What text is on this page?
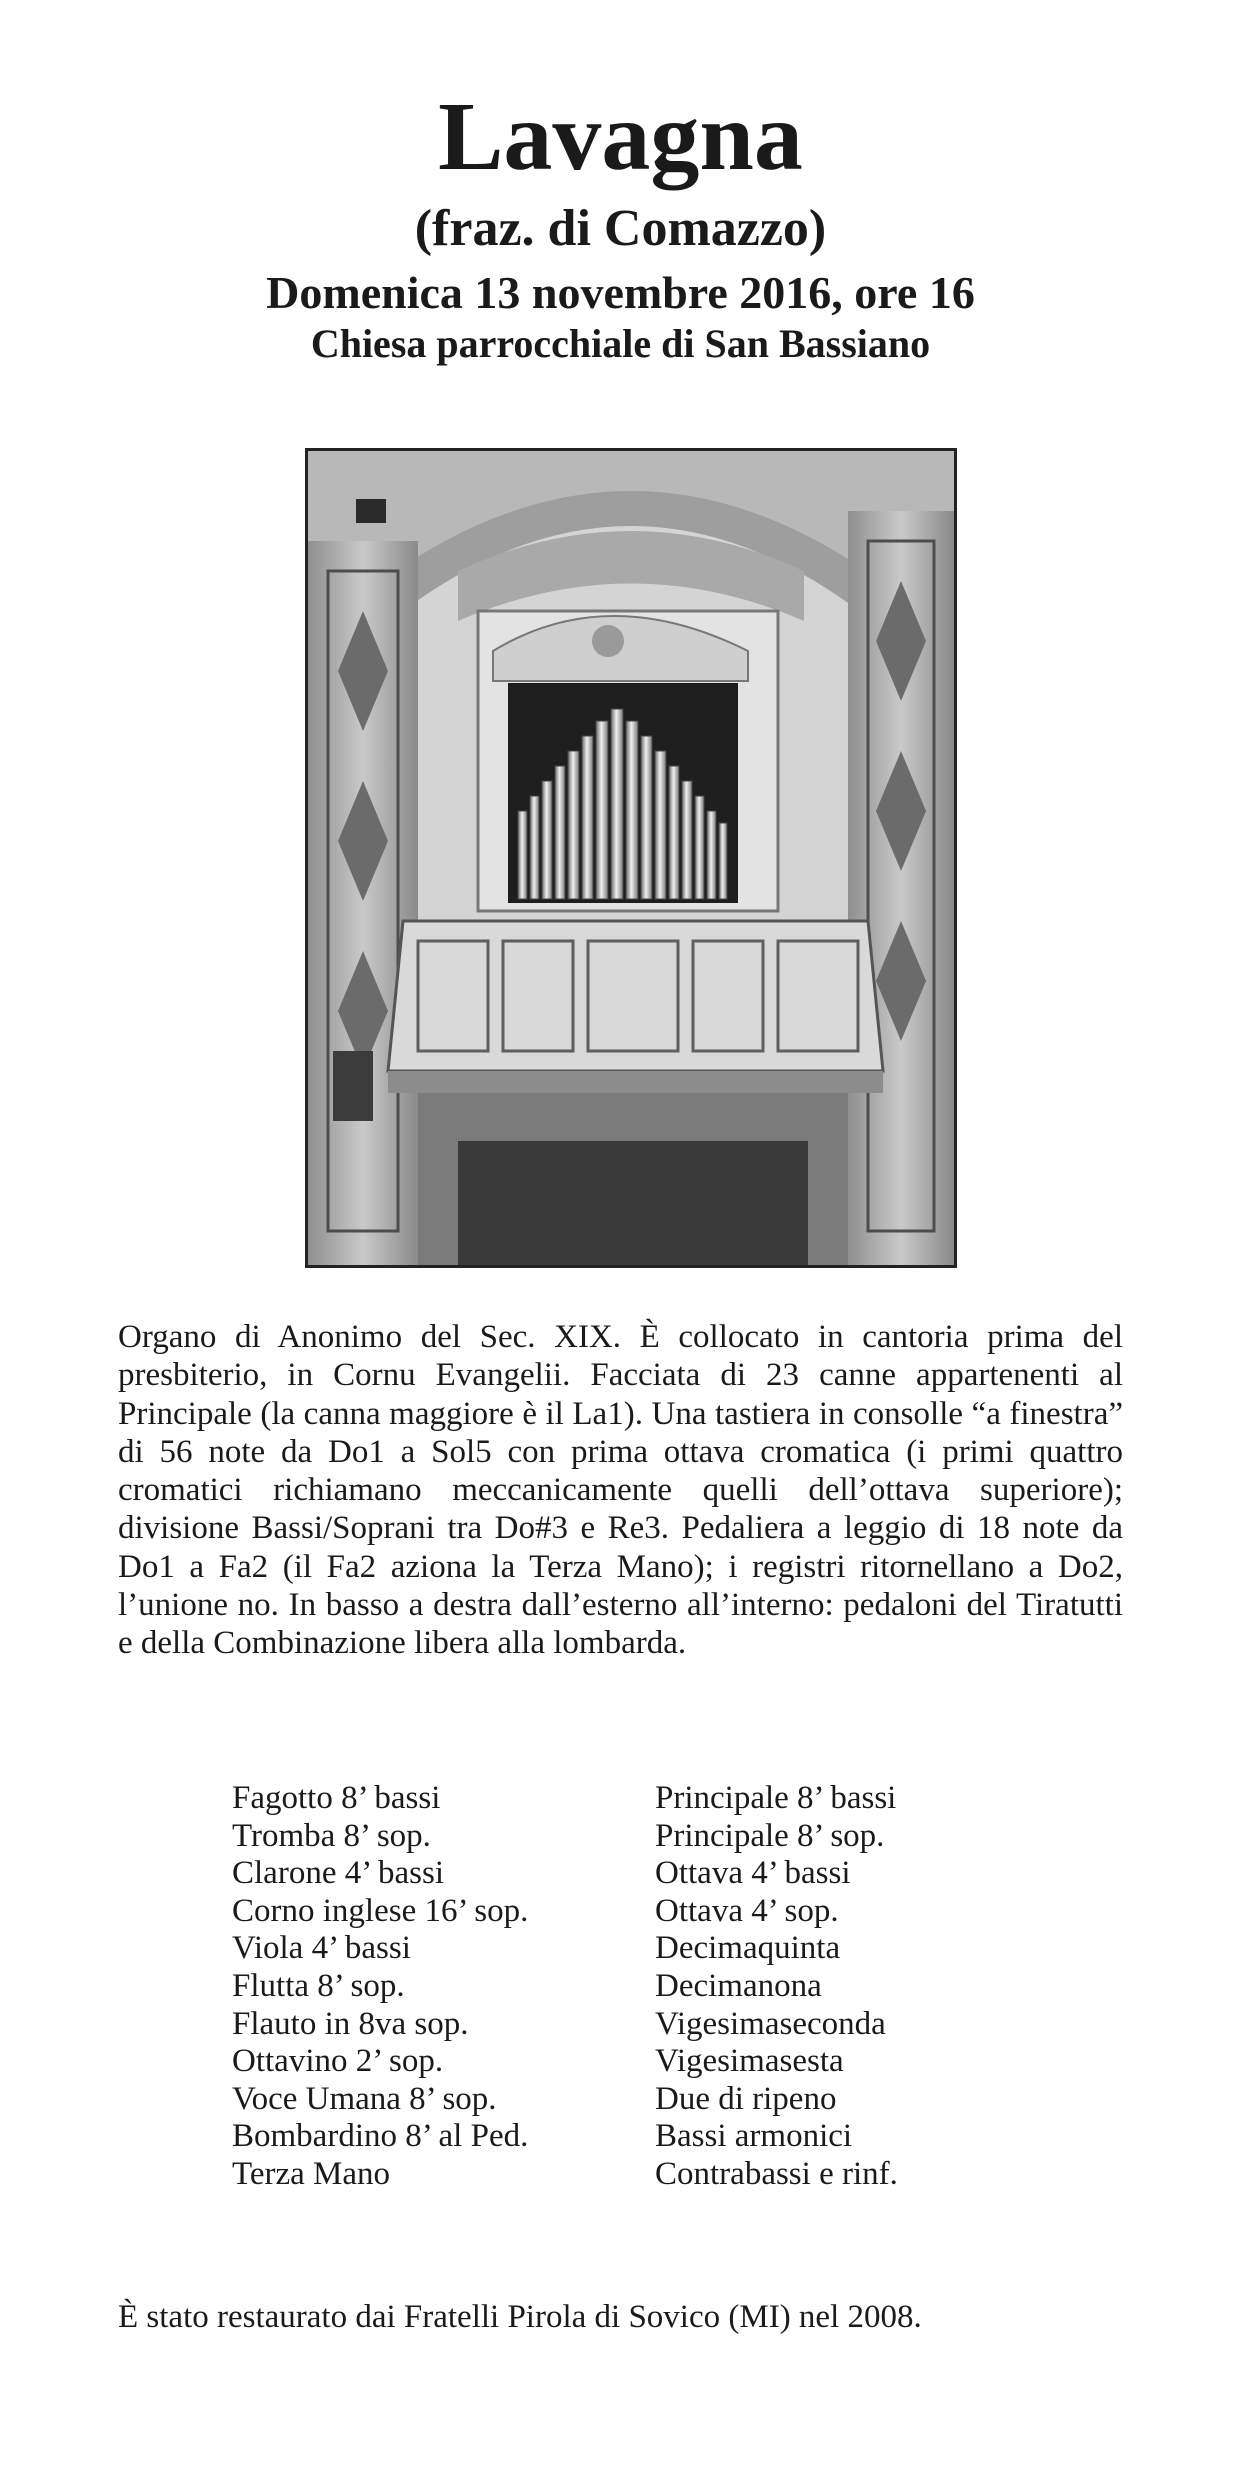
Lavagna
(fraz. di Comazzo)
Domenica 13 novembre 2016, ore 16
Chiesa parrocchiale di San Bassiano

Organo di Anonimo del Sec. XIX. È collocato in cantoria prima del presbiterio, in Cornu Evangelii. Facciata di 23 canne appartenenti al Principale (la canna maggiore è il La1). Una tastiera in consolle “a finestra” di 56 note da Do1 a Sol5 con prima ottava cromatica (i primi quattro cromatici richiamano meccanicamente quelli dell’ottava superiore); divisione Bassi/Soprani tra Do#3 e Re3. Pedaliera a leggio di 18 note da Do1 a Fa2 (il Fa2 aziona la Terza Mano); i registri ritornellano a Do2, l’unione no. In basso a destra dall’esterno all’interno: pedaloni del Tiratutti e della Combinazione libera alla lombarda.

Fagotto 8’ bassi
Tromba 8’ sop.
Clarone 4’ bassi
Corno inglese 16’ sop.
Viola 4’ bassi
Flutta 8’ sop.
Flauto in 8va sop.
Ottavino 2’ sop.
Voce Umana 8’ sop.
Bombardino 8’ al Ped.
Terza Mano
Principale 8’ bassi
Principale 8’ sop.
Ottava 4’ bassi
Ottava 4’ sop.
Decimaquinta
Decimanona
Vigesimaseconda
Vigesimasesta
Due di ripeno
Bassi armonici
Contrabassi e rinf.
È stato restaurato dai Fratelli Pirola di Sovico (MI) nel 2008.
